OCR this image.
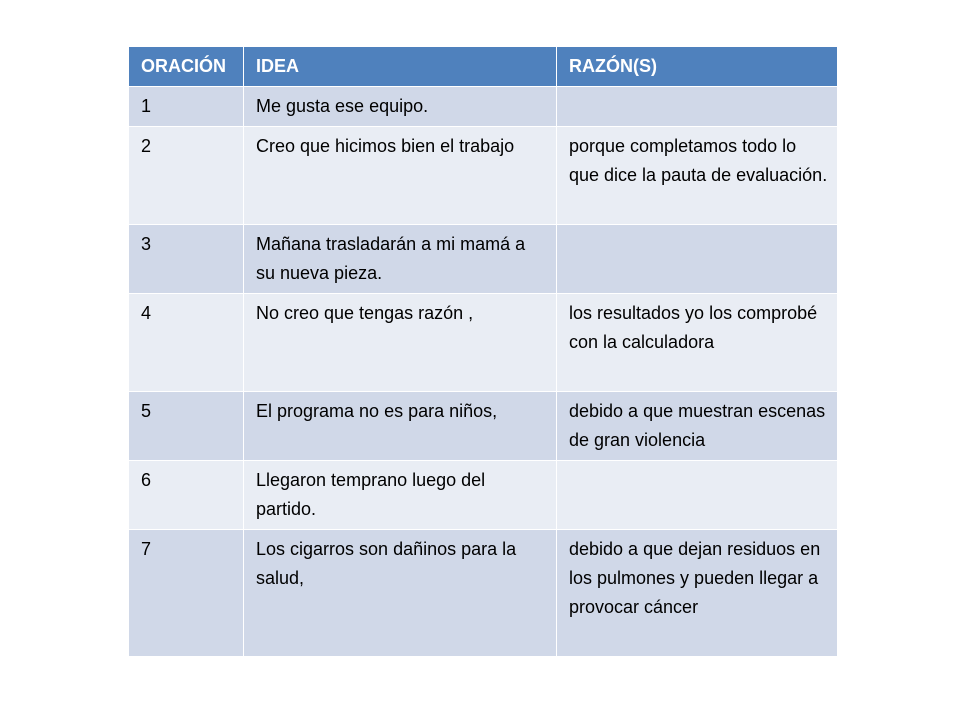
ORACIÓN	IDEA	RAZÓN(S)
1	Me gusta ese equipo.	
2	Creo que hicimos bien el trabajo	porque completamos todo lo que dice la pauta de evaluación.
3	Mañana trasladarán a mi mamá a su nueva pieza.	
4	No creo que tengas razón ,	los resultados yo los comprobé con la calculadora
5	El programa no es para niños,	debido a que muestran escenas de gran violencia
6	Llegaron temprano luego del partido.	
7	Los cigarros son dañinos para la salud,	debido a que dejan residuos en los pulmones y pueden llegar a provocar cáncer
